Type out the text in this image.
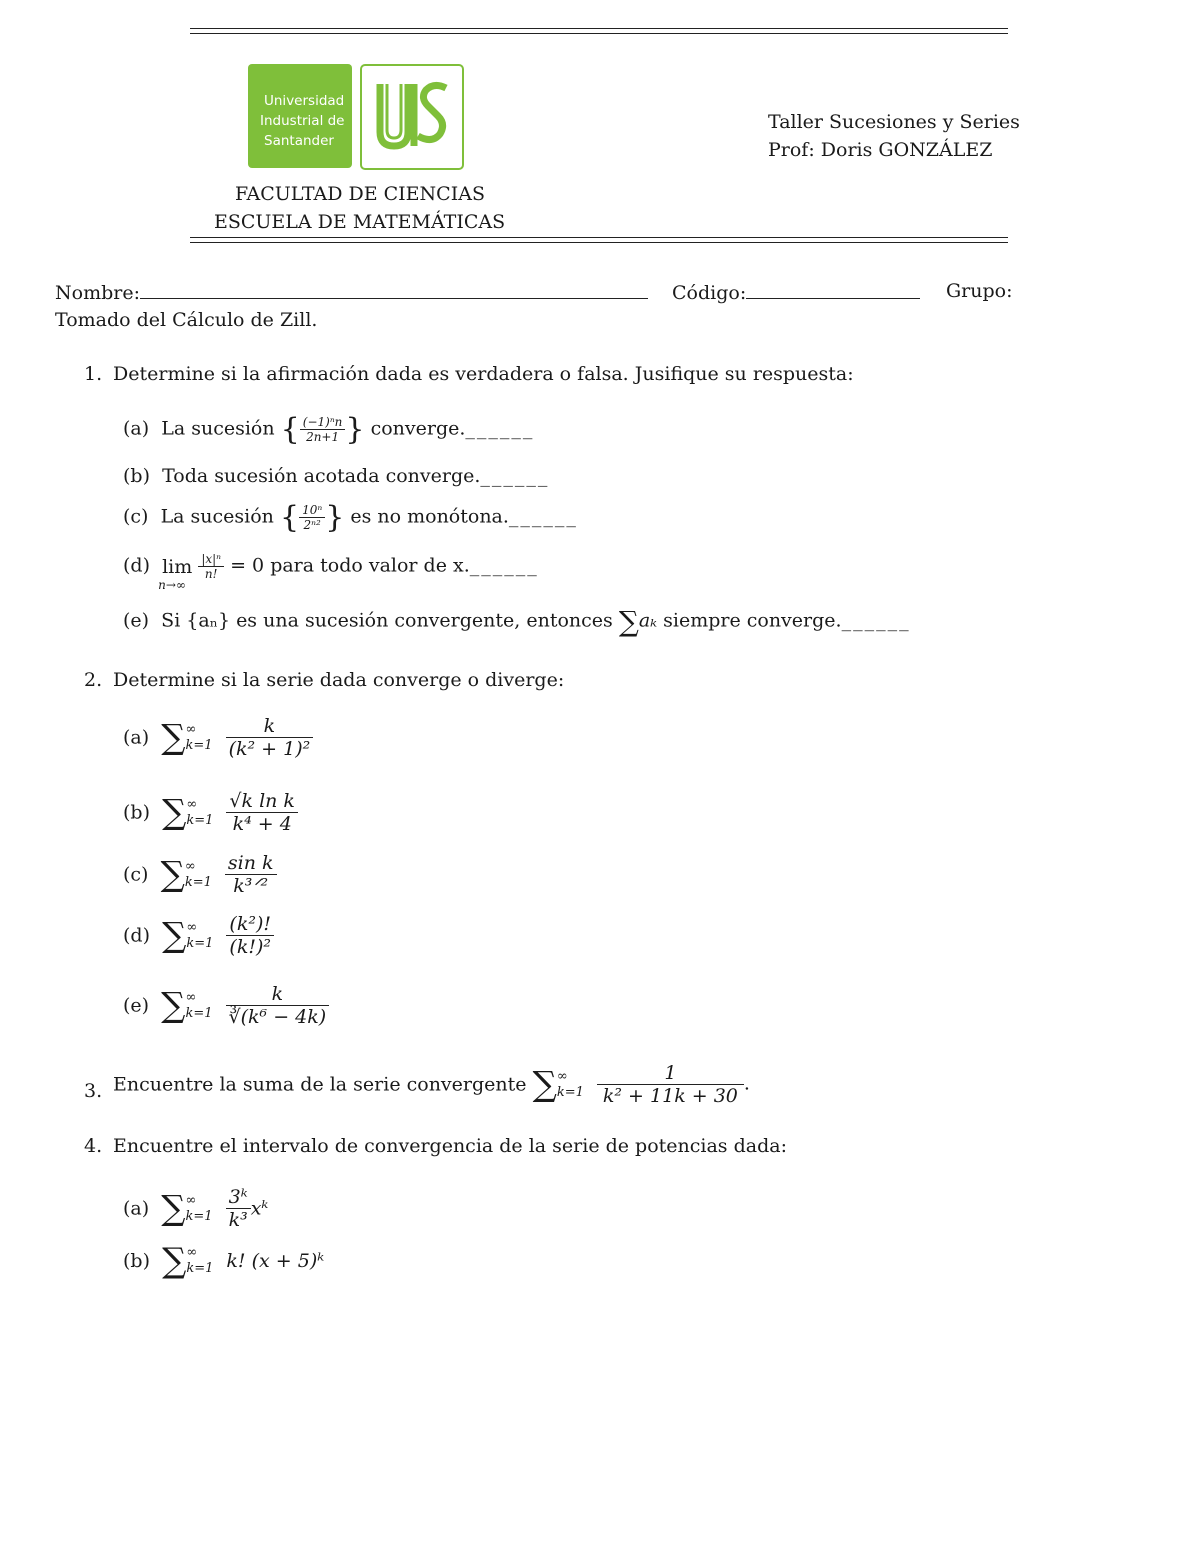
Universidad
Industrial de
Santander
FACULTAD DE CIENCIAS
ESCUELA DE MATEMÁTICAS
Taller Sucesiones y Series
Prof: Doris GONZÁLEZ
Nombre:	Código:	Grupo:
Tomado del Cálculo de Zill.
1. Determine si la afirmación dada es verdadera o falsa. Jusifique su respuesta:
(a) La sucesión { $\frac{\text{(−1)ⁿn}}{2n+1}$ } converge.______
(b) Toda sucesión acotada converge.______
(c) La sucesión { $\frac{\text{10ⁿ}}{\text{2ⁿ²}}$ } es no monótona.______
(d) lim
n→∞

$\frac{\text{|x|ⁿ}}{n!} = 0$ para todo valor de x.______
(e) Si {aₙ} es una sucesión convergente, entonces ∑aₖ siempre converge.______
2. Determine si la serie dada converge o diverge:
(a) ∑ ∞
k=1
$\frac{k}{\text{(k² + 1)²}}$
(b) ∑ ∞
k=1
$\frac{\text{√k ln k}}{\text{k⁴ + 4}}$
(c) ∑ ∞
k=1
$\frac{\text{sin k}}{\text{k³ᐟ²}}$
(d) ∑ ∞
k=1
$\frac{\text{(k²)!}}{\text{(k!)²}}$
(e) ∑ ∞
k=1
$\frac{k}{\text{∛(k⁶ − 4k)}}$
3. Encuentre la suma de la serie convergente ∑ ∞
k=1
$\frac{1}{\text{k² + 11k + 30}}$ .
4. Encuentre el intervalo de convergencia de la serie de potencias dada:
(a) ∑ ∞
k=1
$\frac{\text{3ᵏ}}{\text{k³}}$ xᵏ
(b) ∑ ∞
k=1 k! (x + 5)ᵏ
